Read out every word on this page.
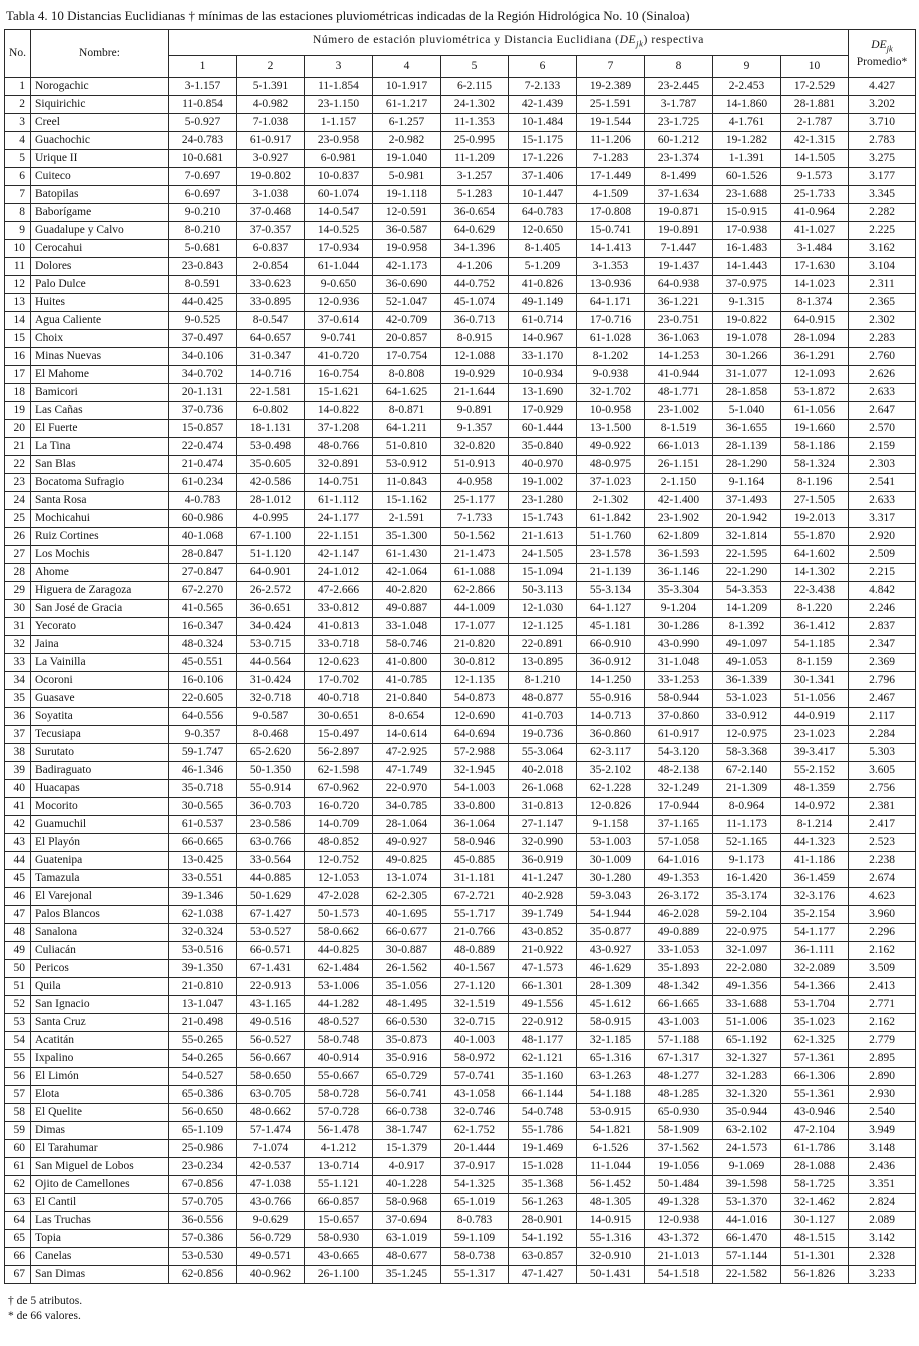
Tabla 4. 10 Distancias Euclidianas † mínimas de las estaciones pluviométricas indicadas de la Región Hidrológica No. 10 (Sinaloa)
No.	Nombre:	Número de estación pluviométrica y Distancia Euclidiana $(DE_{jk})$ respectiva										$DE_{jk}$
Promedio*
		1	2	3	4	5	6	7	8	9	10	
1	Norogachic	3-1.157	5-1.391	11-1.854	10-1.917	6-2.115	7-2.133	19-2.389	23-2.445	2-2.453	17-2.529	4.427
2	Siquirichic	11-0.854	4-0.982	23-1.150	61-1.217	24-1.302	42-1.439	25-1.591	3-1.787	14-1.860	28-1.881	3.202
3	Creel	5-0.927	7-1.038	1-1.157	6-1.257	11-1.353	10-1.484	19-1.544	23-1.725	4-1.761	2-1.787	3.710
4	Guachochic	24-0.783	61-0.917	23-0.958	2-0.982	25-0.995	15-1.175	11-1.206	60-1.212	19-1.282	42-1.315	2.783
5	Urique II	10-0.681	3-0.927	6-0.981	19-1.040	11-1.209	17-1.226	7-1.283	23-1.374	1-1.391	14-1.505	3.275
6	Cuiteco	7-0.697	19-0.802	10-0.837	5-0.981	3-1.257	37-1.406	17-1.449	8-1.499	60-1.526	9-1.573	3.177
7	Batopilas	6-0.697	3-1.038	60-1.074	19-1.118	5-1.283	10-1.447	4-1.509	37-1.634	23-1.688	25-1.733	3.345
8	Baborígame	9-0.210	37-0.468	14-0.547	12-0.591	36-0.654	64-0.783	17-0.808	19-0.871	15-0.915	41-0.964	2.282
9	Guadalupe y Calvo	8-0.210	37-0.357	14-0.525	36-0.587	64-0.629	12-0.650	15-0.741	19-0.891	17-0.938	41-1.027	2.225
10	Cerocahui	5-0.681	6-0.837	17-0.934	19-0.958	34-1.396	8-1.405	14-1.413	7-1.447	16-1.483	3-1.484	3.162
11	Dolores	23-0.843	2-0.854	61-1.044	42-1.173	4-1.206	5-1.209	3-1.353	19-1.437	14-1.443	17-1.630	3.104
12	Palo Dulce	8-0.591	33-0.623	9-0.650	36-0.690	44-0.752	41-0.826	13-0.936	64-0.938	37-0.975	14-1.023	2.311
13	Huites	44-0.425	33-0.895	12-0.936	52-1.047	45-1.074	49-1.149	64-1.171	36-1.221	9-1.315	8-1.374	2.365
14	Agua Caliente	9-0.525	8-0.547	37-0.614	42-0.709	36-0.713	61-0.714	17-0.716	23-0.751	19-0.822	64-0.915	2.302
15	Choix	37-0.497	64-0.657	9-0.741	20-0.857	8-0.915	14-0.967	61-1.028	36-1.063	19-1.078	28-1.094	2.283
16	Minas Nuevas	34-0.106	31-0.347	41-0.720	17-0.754	12-1.088	33-1.170	8-1.202	14-1.253	30-1.266	36-1.291	2.760
17	El Mahome	34-0.702	14-0.716	16-0.754	8-0.808	19-0.929	10-0.934	9-0.938	41-0.944	31-1.077	12-1.093	2.626
18	Bamicori	20-1.131	22-1.581	15-1.621	64-1.625	21-1.644	13-1.690	32-1.702	48-1.771	28-1.858	53-1.872	2.633
19	Las Cañas	37-0.736	6-0.802	14-0.822	8-0.871	9-0.891	17-0.929	10-0.958	23-1.002	5-1.040	61-1.056	2.647
20	El Fuerte	15-0.857	18-1.131	37-1.208	64-1.211	9-1.357	60-1.444	13-1.500	8-1.519	36-1.655	19-1.660	2.570
21	La Tina	22-0.474	53-0.498	48-0.766	51-0.810	32-0.820	35-0.840	49-0.922	66-1.013	28-1.139	58-1.186	2.159
22	San Blas	21-0.474	35-0.605	32-0.891	53-0.912	51-0.913	40-0.970	48-0.975	26-1.151	28-1.290	58-1.324	2.303
23	Bocatoma Sufragio	61-0.234	42-0.586	14-0.751	11-0.843	4-0.958	19-1.002	37-1.023	2-1.150	9-1.164	8-1.196	2.541
24	Santa Rosa	4-0.783	28-1.012	61-1.112	15-1.162	25-1.177	23-1.280	2-1.302	42-1.400	37-1.493	27-1.505	2.633
25	Mochicahui	60-0.986	4-0.995	24-1.177	2-1.591	7-1.733	15-1.743	61-1.842	23-1.902	20-1.942	19-2.013	3.317
26	Ruiz Cortines	40-1.068	67-1.100	22-1.151	35-1.300	50-1.562	21-1.613	51-1.760	62-1.809	32-1.814	55-1.870	2.920
27	Los Mochis	28-0.847	51-1.120	42-1.147	61-1.430	21-1.473	24-1.505	23-1.578	36-1.593	22-1.595	64-1.602	2.509
28	Ahome	27-0.847	64-0.901	24-1.012	42-1.064	61-1.088	15-1.094	21-1.139	36-1.146	22-1.290	14-1.302	2.215
29	Higuera de Zaragoza	67-2.270	26-2.572	47-2.666	40-2.820	62-2.866	50-3.113	55-3.134	35-3.304	54-3.353	22-3.438	4.842
30	San José de Gracia	41-0.565	36-0.651	33-0.812	49-0.887	44-1.009	12-1.030	64-1.127	9-1.204	14-1.209	8-1.220	2.246
31	Yecorato	16-0.347	34-0.424	41-0.813	33-1.048	17-1.077	12-1.125	45-1.181	30-1.286	8-1.392	36-1.412	2.837
32	Jaina	48-0.324	53-0.715	33-0.718	58-0.746	21-0.820	22-0.891	66-0.910	43-0.990	49-1.097	54-1.185	2.347
33	La Vainilla	45-0.551	44-0.564	12-0.623	41-0.800	30-0.812	13-0.895	36-0.912	31-1.048	49-1.053	8-1.159	2.369
34	Ocoroni	16-0.106	31-0.424	17-0.702	41-0.785	12-1.135	8-1.210	14-1.250	33-1.253	36-1.339	30-1.341	2.796
35	Guasave	22-0.605	32-0.718	40-0.718	21-0.840	54-0.873	48-0.877	55-0.916	58-0.944	53-1.023	51-1.056	2.467
36	Soyatita	64-0.556	9-0.587	30-0.651	8-0.654	12-0.690	41-0.703	14-0.713	37-0.860	33-0.912	44-0.919	2.117
37	Tecusiapa	9-0.357	8-0.468	15-0.497	14-0.614	64-0.694	19-0.736	36-0.860	61-0.917	12-0.975	23-1.023	2.284
38	Surutato	59-1.747	65-2.620	56-2.897	47-2.925	57-2.988	55-3.064	62-3.117	54-3.120	58-3.368	39-3.417	5.303
39	Badiraguato	46-1.346	50-1.350	62-1.598	47-1.749	32-1.945	40-2.018	35-2.102	48-2.138	67-2.140	55-2.152	3.605
40	Huacapas	35-0.718	55-0.914	67-0.962	22-0.970	54-1.003	26-1.068	62-1.228	32-1.249	21-1.309	48-1.359	2.756
41	Mocorito	30-0.565	36-0.703	16-0.720	34-0.785	33-0.800	31-0.813	12-0.826	17-0.944	8-0.964	14-0.972	2.381
42	Guamuchil	61-0.537	23-0.586	14-0.709	28-1.064	36-1.064	27-1.147	9-1.158	37-1.165	11-1.173	8-1.214	2.417
43	El Playón	66-0.665	63-0.766	48-0.852	49-0.927	58-0.946	32-0.990	53-1.003	57-1.058	52-1.165	44-1.323	2.523
44	Guatenipa	13-0.425	33-0.564	12-0.752	49-0.825	45-0.885	36-0.919	30-1.009	64-1.016	9-1.173	41-1.186	2.238
45	Tamazula	33-0.551	44-0.885	12-1.053	13-1.074	31-1.181	41-1.247	30-1.280	49-1.353	16-1.420	36-1.459	2.674
46	El Varejonal	39-1.346	50-1.629	47-2.028	62-2.305	67-2.721	40-2.928	59-3.043	26-3.172	35-3.174	32-3.176	4.623
47	Palos Blancos	62-1.038	67-1.427	50-1.573	40-1.695	55-1.717	39-1.749	54-1.944	46-2.028	59-2.104	35-2.154	3.960
48	Sanalona	32-0.324	53-0.527	58-0.662	66-0.677	21-0.766	43-0.852	35-0.877	49-0.889	22-0.975	54-1.177	2.296
49	Culiacán	53-0.516	66-0.571	44-0.825	30-0.887	48-0.889	21-0.922	43-0.927	33-1.053	32-1.097	36-1.111	2.162
50	Pericos	39-1.350	67-1.431	62-1.484	26-1.562	40-1.567	47-1.573	46-1.629	35-1.893	22-2.080	32-2.089	3.509
51	Quila	21-0.810	22-0.913	53-1.006	35-1.056	27-1.120	66-1.301	28-1.309	48-1.342	49-1.356	54-1.366	2.413
52	San Ignacio	13-1.047	43-1.165	44-1.282	48-1.495	32-1.519	49-1.556	45-1.612	66-1.665	33-1.688	53-1.704	2.771
53	Santa Cruz	21-0.498	49-0.516	48-0.527	66-0.530	32-0.715	22-0.912	58-0.915	43-1.003	51-1.006	35-1.023	2.162
54	Acatitán	55-0.265	56-0.527	58-0.748	35-0.873	40-1.003	48-1.177	32-1.185	57-1.188	65-1.192	62-1.325	2.779
55	Ixpalino	54-0.265	56-0.667	40-0.914	35-0.916	58-0.972	62-1.121	65-1.316	67-1.317	32-1.327	57-1.361	2.895
56	El Limón	54-0.527	58-0.650	55-0.667	65-0.729	57-0.741	35-1.160	63-1.263	48-1.277	32-1.283	66-1.306	2.890
57	Elota	65-0.386	63-0.705	58-0.728	56-0.741	43-1.058	66-1.144	54-1.188	48-1.285	32-1.320	55-1.361	2.930
58	El Quelite	56-0.650	48-0.662	57-0.728	66-0.738	32-0.746	54-0.748	53-0.915	65-0.930	35-0.944	43-0.946	2.540
59	Dimas	65-1.109	57-1.474	56-1.478	38-1.747	62-1.752	55-1.786	54-1.821	58-1.909	63-2.102	47-2.104	3.949
60	El Tarahumar	25-0.986	7-1.074	4-1.212	15-1.379	20-1.444	19-1.469	6-1.526	37-1.562	24-1.573	61-1.786	3.148
61	San Miguel de Lobos	23-0.234	42-0.537	13-0.714	4-0.917	37-0.917	15-1.028	11-1.044	19-1.056	9-1.069	28-1.088	2.436
62	Ojito de Camellones	67-0.856	47-1.038	55-1.121	40-1.228	54-1.325	35-1.368	56-1.452	50-1.484	39-1.598	58-1.725	3.351
63	El Cantil	57-0.705	43-0.766	66-0.857	58-0.968	65-1.019	56-1.263	48-1.305	49-1.328	53-1.370	32-1.462	2.824
64	Las Truchas	36-0.556	9-0.629	15-0.657	37-0.694	8-0.783	28-0.901	14-0.915	12-0.938	44-1.016	30-1.127	2.089
65	Topia	57-0.386	56-0.729	58-0.930	63-1.019	59-1.109	54-1.192	55-1.316	43-1.372	66-1.470	48-1.515	3.142
66	Canelas	53-0.530	49-0.571	43-0.665	48-0.677	58-0.738	63-0.857	32-0.910	21-1.013	57-1.144	51-1.301	2.328
67	San Dimas	62-0.856	40-0.962	26-1.100	35-1.245	55-1.317	47-1.427	50-1.431	54-1.518	22-1.582	56-1.826	3.233
† de 5 atributos.
* de 66 valores.
